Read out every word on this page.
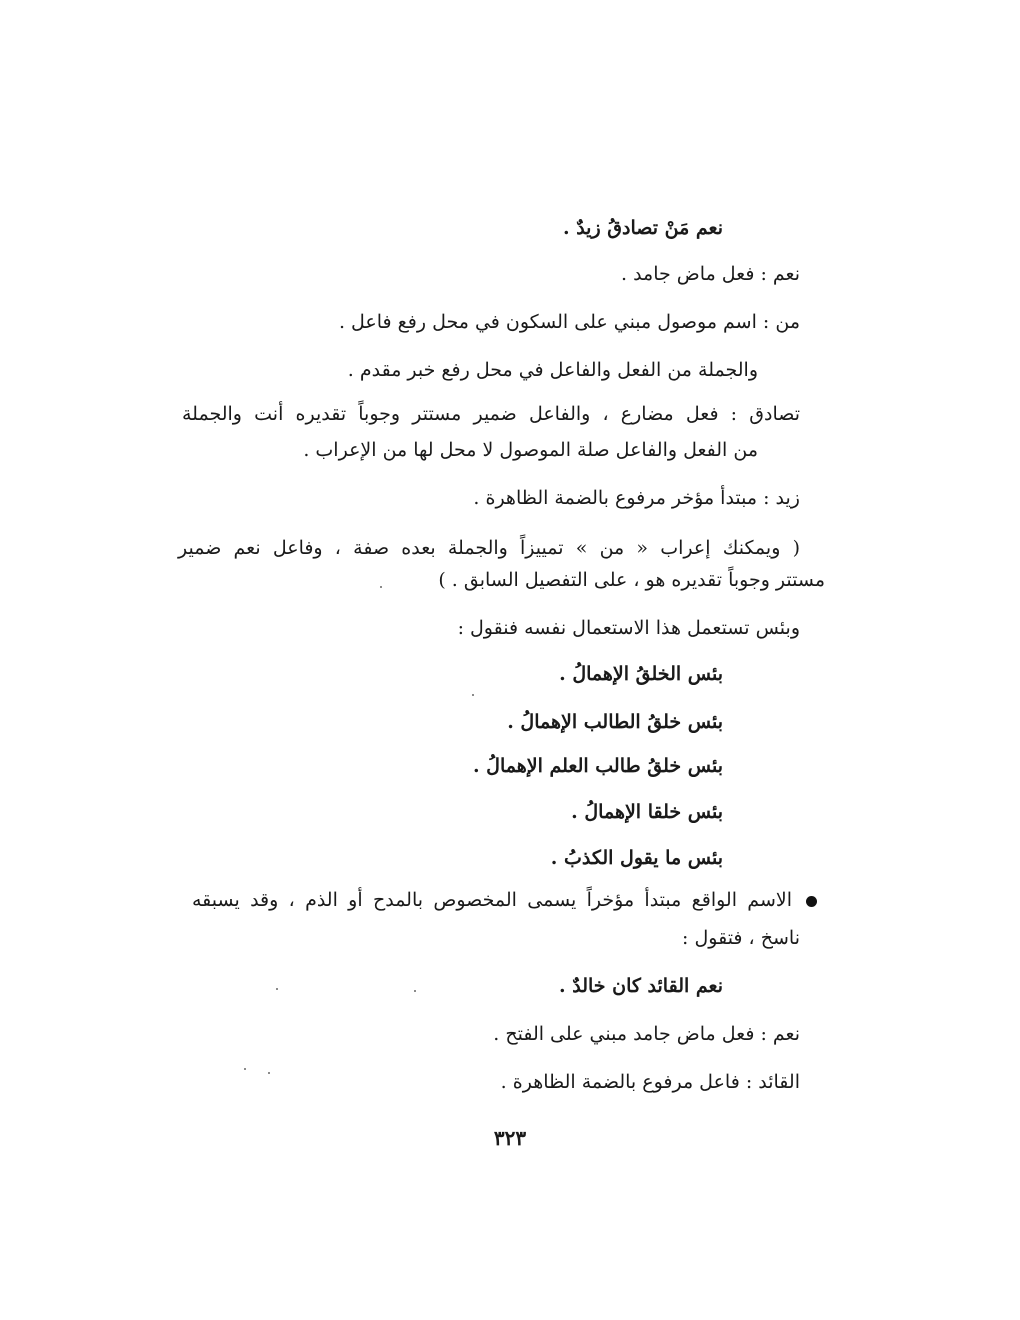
نعم مَنْ تصادقُ زيدٌ .
نعم : فعل ماض جامد .
من : اسم موصول مبني على السكون في محل رفع فاعل .
والجملة من الفعل والفاعل في محل رفع خبر مقدم .
تصادق : فعل مضارع ، والفاعل ضمير مستتر وجوباً تقديره أنت والجملة
من الفعل والفاعل صلة الموصول لا محل لها من الإعراب .
زيد : مبتدأ مؤخر مرفوع بالضمة الظاهرة .
( ويمكنك إعراب « من » تمييزاً والجملة بعده صفة ، وفاعل نعم ضمير
مستتر وجوباً تقديره هو ، على التفصيل السابق . )
وبئس تستعمل هذا الاستعمال نفسه فنقول :
بئس الخلقُ الإهمالُ .
بئس خلقُ الطالب الإهمالُ .
بئس خلقُ طالب العلم الإهمالُ .
بئس خلقا الإهمالُ .
بئس ما يقول الكذبُ .
الاسم الواقع مبتدأ مؤخراً يسمى المخصوص بالمدح أو الذم ، وقد يسبقه
ناسخ ، فتقول :
نعم القائد كان خالدٌ .
نعم : فعل ماض جامد مبني على الفتح .
القائد : فاعل مرفوع بالضمة الظاهرة .
٣٢٣
